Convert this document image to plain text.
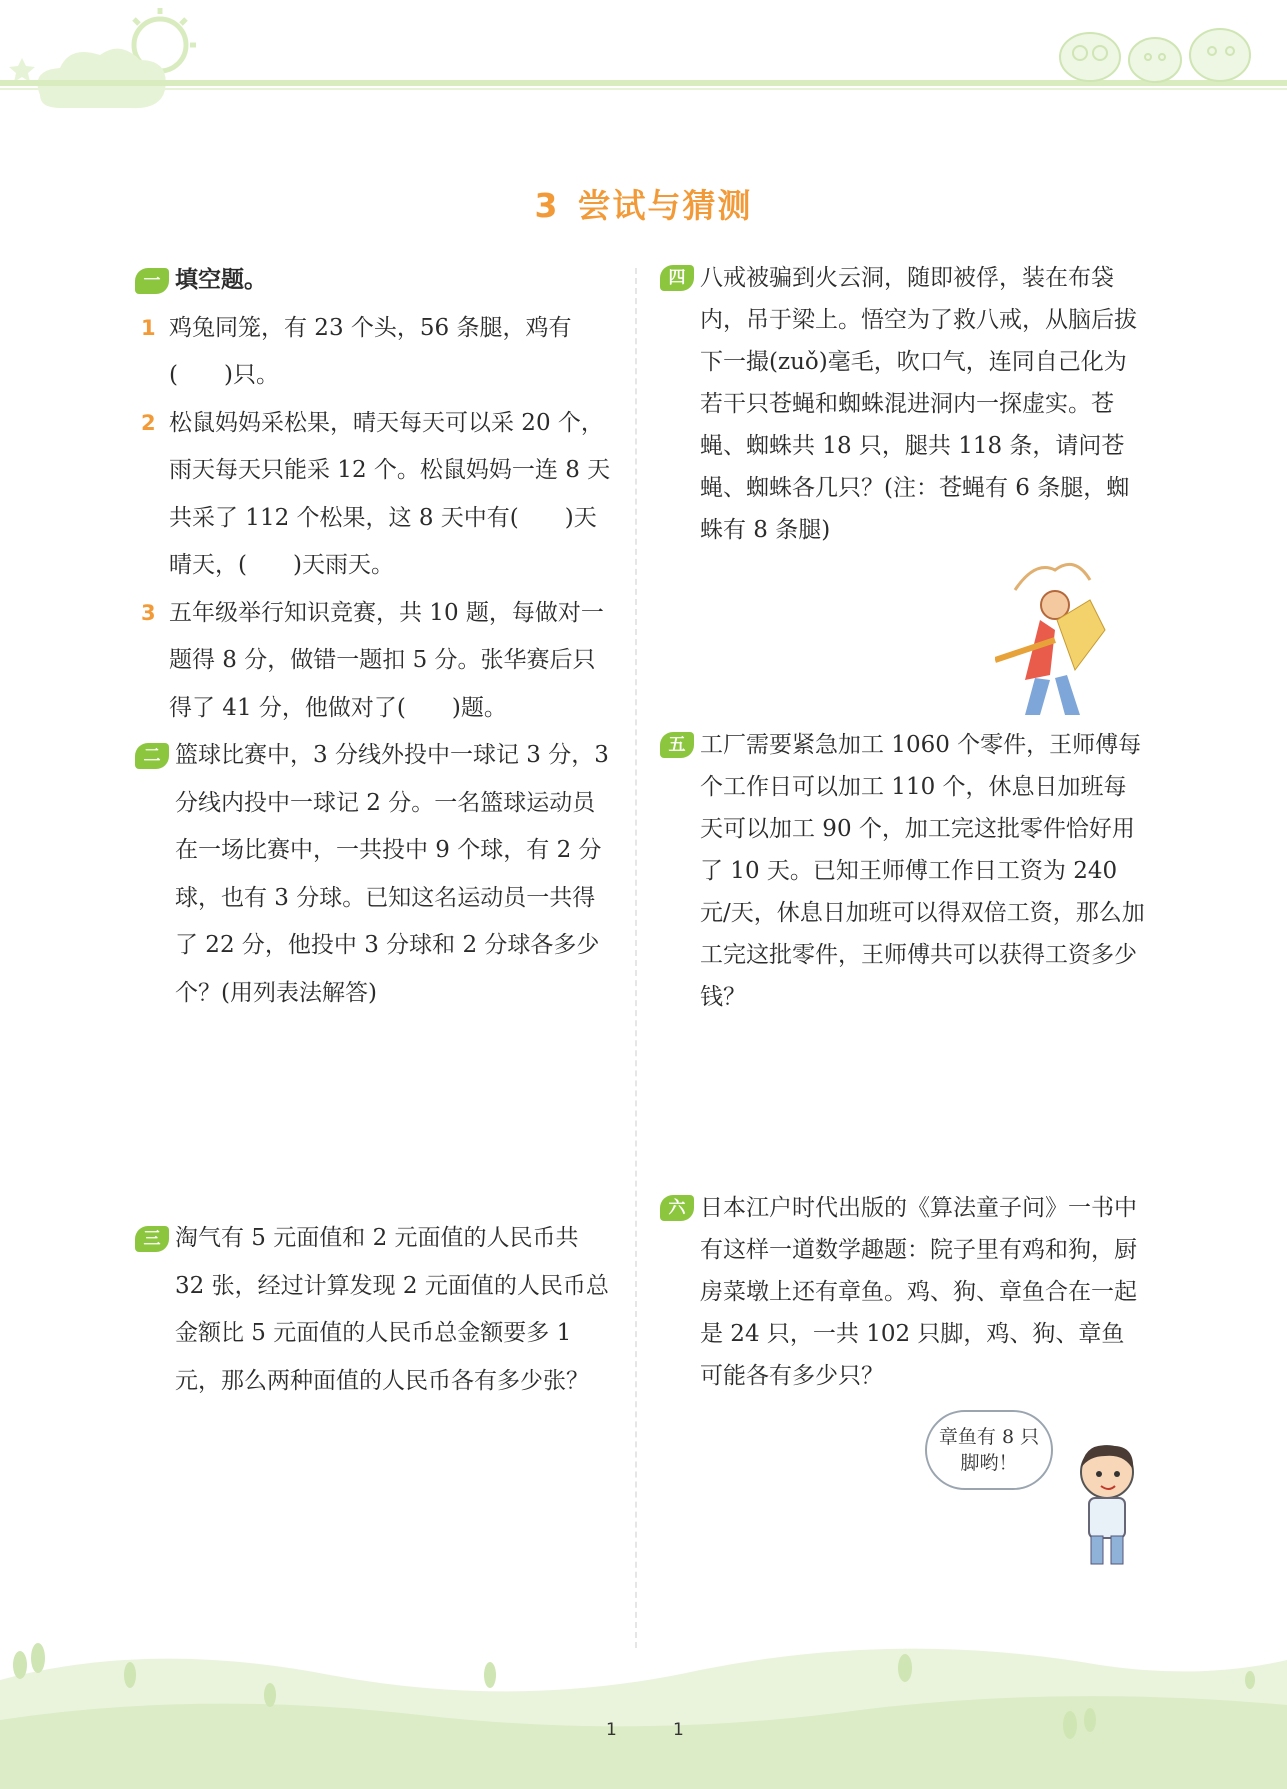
3 尝试与猜测
一 填空题。
1 鸡兔同笼，有 23 个头，56 条腿，鸡有(　　)只。
2 松鼠妈妈采松果，晴天每天可以采 20 个，雨天每天只能采 12 个。松鼠妈妈一连 8 天共采了 112 个松果，这 8 天中有(　　)天晴天，(　　)天雨天。
3 五年级举行知识竞赛，共 10 题，每做对一题得 8 分，做错一题扣 5 分。张华赛后只得了 41 分，他做对了(　　)题。
二 篮球比赛中，3 分线外投中一球记 3 分，3 分线内投中一球记 2 分。一名篮球运动员在一场比赛中，一共投中 9 个球，有 2 分球，也有 3 分球。已知这名运动员一共得了 22 分，他投中 3 分球和 2 分球各多少个？(用列表法解答)
三 淘气有 5 元面值和 2 元面值的人民币共 32 张，经过计算发现 2 元面值的人民币总金额比 5 元面值的人民币总金额要多 1 元，那么两种面值的人民币各有多少张？
四 八戒被骗到火云洞，随即被俘，装在布袋内，吊于梁上。悟空为了救八戒，从脑后拔下一撮(zuǒ)毫毛，吹口气，连同自己化为若干只苍蝇和蜘蛛混进洞内一探虚实。苍蝇、蜘蛛共 18 只，腿共 118 条，请问苍蝇、蜘蛛各几只？(注：苍蝇有 6 条腿，蜘蛛有 8 条腿)
五 工厂需要紧急加工 1060 个零件，王师傅每个工作日可以加工 110 个，休息日加班每天可以加工 90 个，加工完这批零件恰好用了 10 天。已知王师傅工作日工资为 240 元/天，休息日加班可以得双倍工资，那么加工完这批零件，王师傅共可以获得工资多少钱？
六 日本江户时代出版的《算法童子问》一书中有这样一道数学趣题：院子里有鸡和狗，厨房菜墩上还有章鱼。鸡、狗、章鱼合在一起是 24 只，一共 102 只脚，鸡、狗、章鱼可能各有多少只？
章鱼有 8 只
脚哟！
1	1
